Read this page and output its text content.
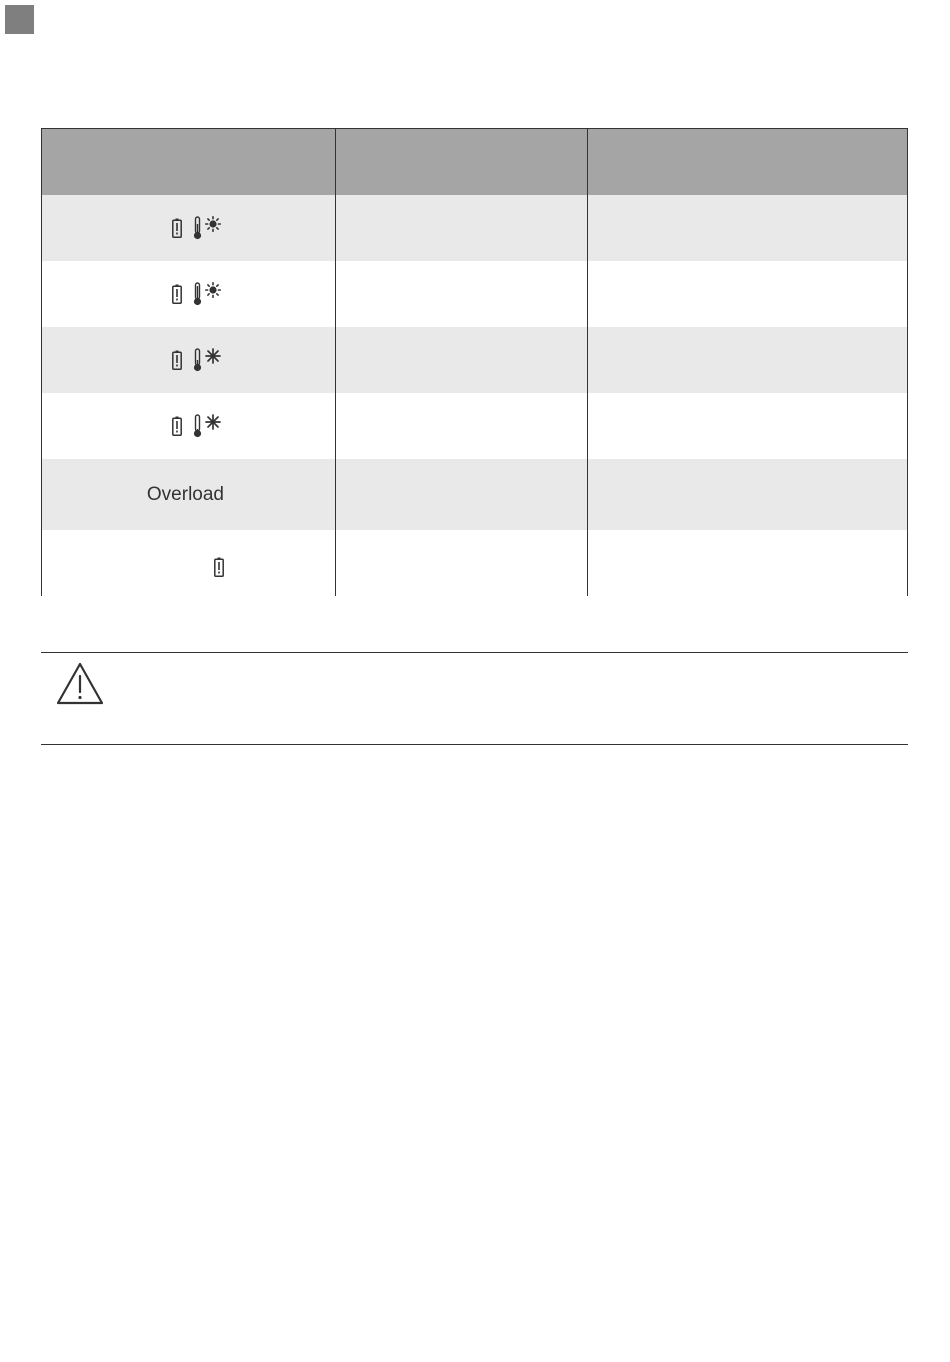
Overload
